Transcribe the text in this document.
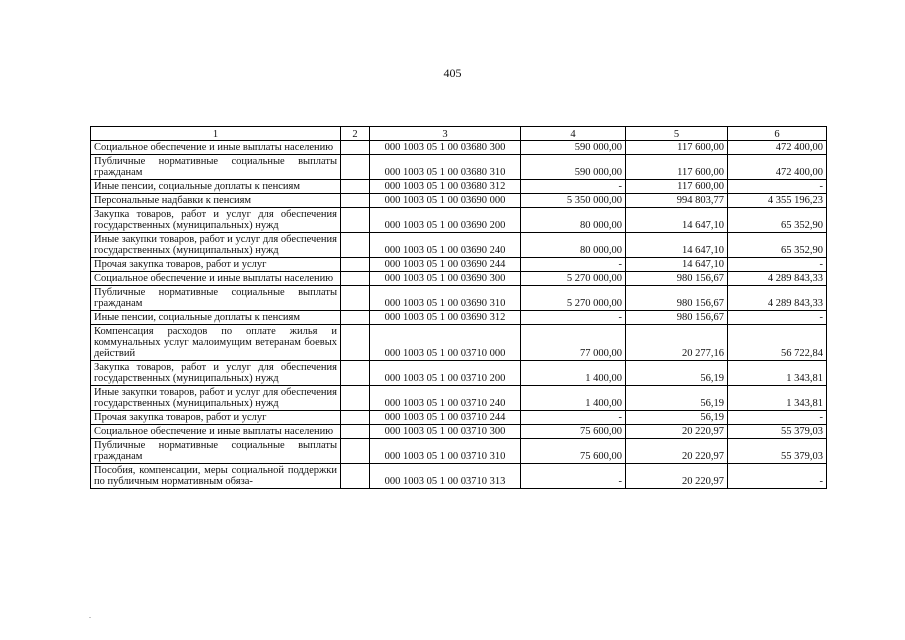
405
1	2	3	4	5	6
Социальное обеспечение и иные выплаты населению		000 1003 05 1 00 03680 300	590 000,00	117 600,00	472 400,00
Публичные нормативные социальные выплаты гражданам		000 1003 05 1 00 03680 310	590 000,00	117 600,00	472 400,00
Иные пенсии, социальные доплаты к пенсиям		000 1003 05 1 00 03680 312	-	117 600,00	-
Персональные надбавки к пенсиям		000 1003 05 1 00 03690 000	5 350 000,00	994 803,77	4 355 196,23
Закупка товаров, работ и услуг для обеспечения государственных (муниципальных) нужд		000 1003 05 1 00 03690 200	80 000,00	14 647,10	65 352,90
Иные закупки товаров, работ и услуг для обеспечения государственных (муниципальных) нужд		000 1003 05 1 00 03690 240	80 000,00	14 647,10	65 352,90
Прочая закупка товаров, работ и услуг		000 1003 05 1 00 03690 244	-	14 647,10	-
Социальное обеспечение и иные выплаты населению		000 1003 05 1 00 03690 300	5 270 000,00	980 156,67	4 289 843,33
Публичные нормативные социальные выплаты гражданам		000 1003 05 1 00 03690 310	5 270 000,00	980 156,67	4 289 843,33
Иные пенсии, социальные доплаты к пенсиям		000 1003 05 1 00 03690 312	-	980 156,67	-
Компенсация расходов по оплате жилья и коммунальных услуг малоимущим ветеранам боевых действий		000 1003 05 1 00 03710 000	77 000,00	20 277,16	56 722,84
Закупка товаров, работ и услуг для обеспечения государственных (муниципальных) нужд		000 1003 05 1 00 03710 200	1 400,00	56,19	1 343,81
Иные закупки товаров, работ и услуг для обеспечения государственных (муниципальных) нужд		000 1003 05 1 00 03710 240	1 400,00	56,19	1 343,81
Прочая закупка товаров, работ и услуг		000 1003 05 1 00 03710 244	-	56,19	-
Социальное обеспечение и иные выплаты населению		000 1003 05 1 00 03710 300	75 600,00	20 220,97	55 379,03
Публичные нормативные социальные выплаты гражданам		000 1003 05 1 00 03710 310	75 600,00	20 220,97	55 379,03
Пособия, компенсации, меры социальной поддержки по публичным нормативным обяза-		000 1003 05 1 00 03710 313	-	20 220,97	-
.
